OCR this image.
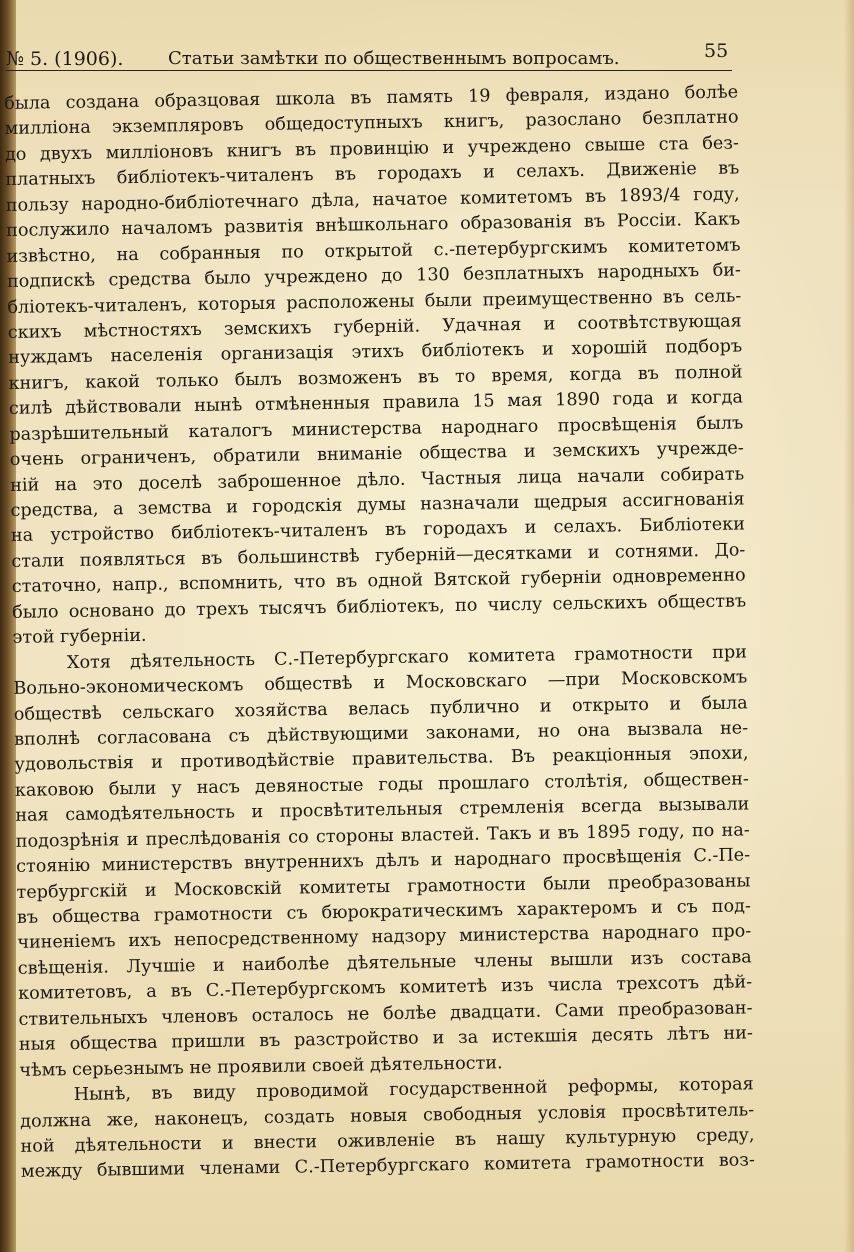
№ 5. (1906). Статьи замѣтки по общественнымъ вопросамъ.	55
была создана образцовая школа въ память 19 февраля, издано болѣе
милліона экземпляровъ общедоступныхъ книгъ, разослано безплатно
до двухъ милліоновъ книгъ въ провинцію и учреждено свыше ста без-
платныхъ библіотекъ-читаленъ въ городахъ и селахъ. Движеніе въ
пользу народно-библіотечнаго дѣла, начатое комитетомъ въ 1893/4 году,
послужило началомъ развитія внѣшкольнаго образованія въ Россіи. Какъ
извѣстно, на собранныя по открытой с.-петербургскимъ комитетомъ
подпискѣ средства было учреждено до 130 безплатныхъ народныхъ би-
бліотекъ-читаленъ, которыя расположены были преимущественно въ сель-
скихъ мѣстностяхъ земскихъ губерній. Удачная и соотвѣтствующая
нуждамъ населенія организація этихъ библіотекъ и хорошій подборъ
книгъ, какой только былъ возможенъ въ то время, когда въ полной
силѣ дѣйствовали нынѣ отмѣненныя правила 15 мая 1890 года и когда
разрѣшительный каталогъ министерства народнаго просвѣщенія былъ
очень ограниченъ, обратили вниманіе общества и земскихъ учрежде-
ній на это доселѣ заброшенное дѣло. Частныя лица начали собирать
средства, а земства и городскія думы назначали щедрыя ассигнованія
на устройство библіотекъ-читаленъ въ городахъ и селахъ. Библіотеки
стали появляться въ большинствѣ губерній—десятками и сотнями. До-
статочно, напр., вспомнить, что въ одной Вятской губерніи одновременно
было основано до трехъ тысячъ библіотекъ, по числу сельскихъ обществъ
этой губерніи.
Хотя дѣятельность С.-Петербургскаго комитета грамотности при
Вольно-экономическомъ обществѣ и Московскаго —при Московскомъ
обществѣ сельскаго хозяйства велась публично и открыто и была
вполнѣ согласована съ дѣйствующими законами, но она вызвала не-
удовольствія и противодѣйствіе правительства. Въ реакціонныя эпохи,
каковою были у насъ девяностые годы прошлаго столѣтія, обществен-
ная самодѣятельность и просвѣтительныя стремленія всегда вызывали
подозрѣнія и преслѣдованія со стороны властей. Такъ и въ 1895 году, по на-
стоянію министерствъ внутреннихъ дѣлъ и народнаго просвѣщенія С.-Пе-
тербургскій и Московскій комитеты грамотности были преобразованы
въ общества грамотности съ бюрократическимъ характеромъ и съ под-
чиненіемъ ихъ непосредственному надзору министерства народнаго про-
свѣщенія. Лучшіе и наиболѣе дѣятельные члены вышли изъ состава
комитетовъ, а въ С.-Петербургскомъ комитетѣ изъ числа трехсотъ дѣй-
ствительныхъ членовъ осталось не болѣе двадцати. Сами преобразован-
ныя общества пришли въ разстройство и за истекшія десять лѣтъ ни-
чѣмъ серьезнымъ не проявили своей дѣятельности.
Нынѣ, въ виду проводимой государственной реформы, которая
должна же, наконецъ, создать новыя свободныя условія просвѣтитель-
ной дѣятельности и внести оживленіе въ нашу культурную среду,
между бывшими членами С.-Петербургскаго комитета грамотности воз-
